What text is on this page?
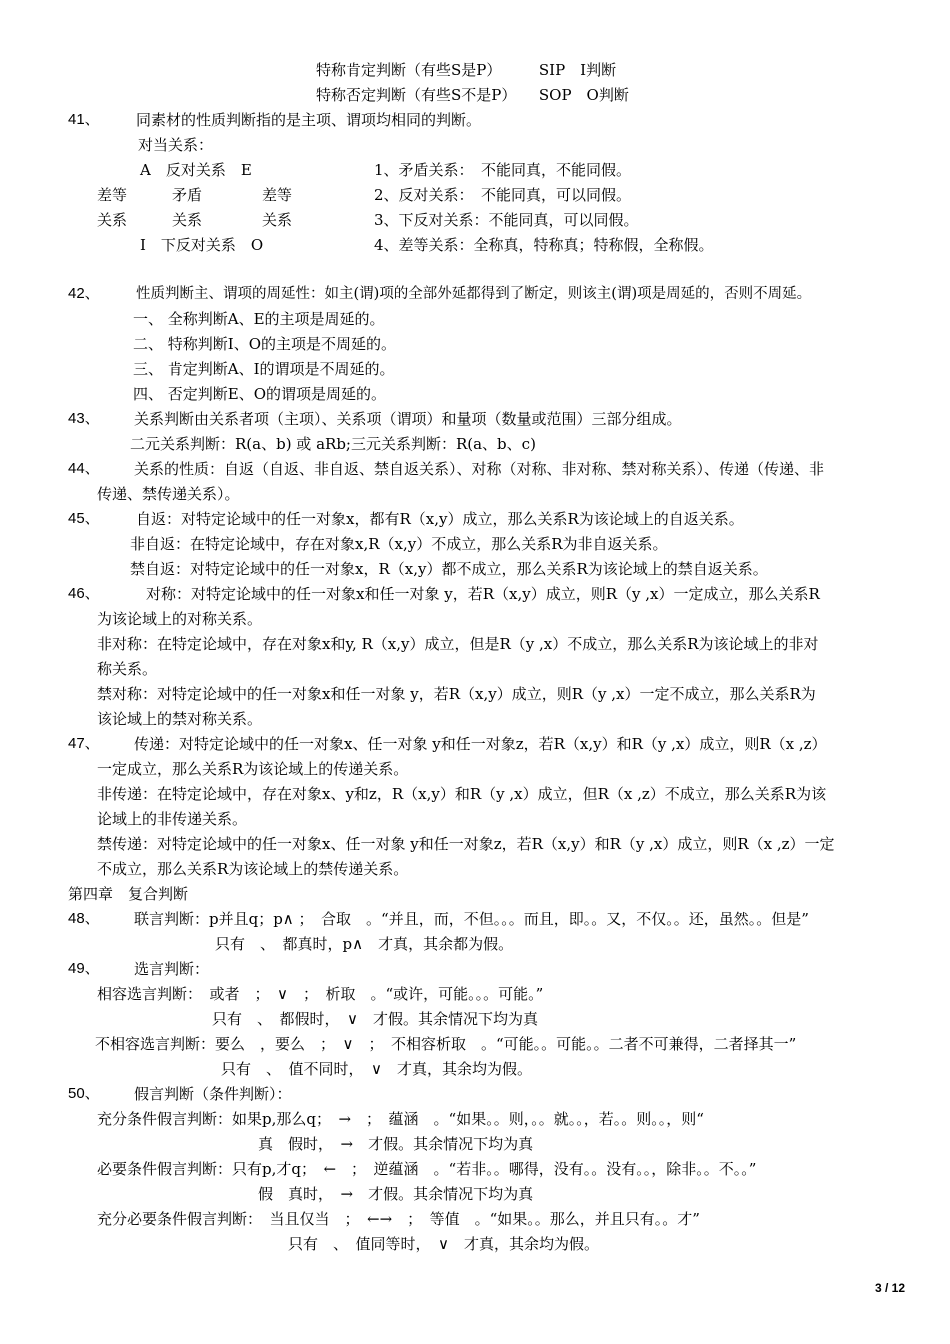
特称肯定判断（有些S是P）　　　SIP　I判断
特称否定判断（有些S不是P）　　SOP　O判断
41、 同素材的性质判断指的是主项、谓项均相同的判断。
对当关系：
A　反对关系　E	1、矛盾关系：　不能同真，不能同假。
差等　　　矛盾　　　　差等	2、反对关系：　不能同真，可以同假。
关系　　　关系　　　　关系	3、下反对关系：不能同真，可以同假。
I　下反对关系　O	4、差等关系：全称真，特称真；特称假，全称假。
42、	性质判断主、谓项的周延性：如主(谓)项的全部外延都得到了断定，则该主(谓)项是周延的，否则不周延。
一、 全称判断A、E的主项是周延的。
二、 特称判断I、O的主项是不周延的。
三、 肯定判断A、I的谓项是不周延的。
四、 否定判断E、O的谓项是周延的。
43、 关系判断由关系者项（主项）、关系项（谓项）和量项（数量或范围）三部分组成。
二元关系判断：R(a、b) 或 aRb;三元关系判断：R(a、b、c)
44、 关系的性质：自返（自返、非自返、禁自返关系）、对称（对称、非对称、禁对称关系）、传递（传递、非
传递、禁传递关系）。
45、 自返：对特定论域中的任一对象x，都有R（x,y）成立，那么关系R为该论域上的自返关系。
非自返：在特定论域中，存在对象x,R（x,y）不成立，那么关系R为非自返关系。
禁自返：对特定论域中的任一对象x，R（x,y）都不成立，那么关系R为该论域上的禁自返关系。
46、	对称：对特定论域中的任一对象x和任一对象 y，若R（x,y）成立，则R（y ,x）一定成立，那么关系R
为该论域上的对称关系。
非对称：在特定论域中，存在对象x和y, R（x,y）成立，但是R（y ,x）不成立，那么关系R为该论域上的非对
称关系。
禁对称：对特定论域中的任一对象x和任一对象 y，若R（x,y）成立，则R（y ,x）一定不成立，那么关系R为
该论域上的禁对称关系。
47、 传递：对特定论域中的任一对象x、任一对象 y和任一对象z，若R（x,y）和R（y ,x）成立，则R（x ,z）
一定成立，那么关系R为该论域上的传递关系。
非传递：在特定论域中，存在对象x、y和z，R（x,y）和R（y ,x）成立，但R（x ,z）不成立，那么关系R为该
论域上的非传递关系。
禁传递：对特定论域中的任一对象x、任一对象 y和任一对象z，若R（x,y）和R（y ,x）成立，则R（x ,z）一定
不成立，那么关系R为该论域上的禁传递关系。
第四章　复合判断
48、 联言判断：p并且q；p∧ ；　合取　。“并且，而，不但。。。而且，即。。又，不仅。。还，虽然。。但是”
只有　、　都真时，p∧　才真，其余都为假。
49、 选言判断：
相容选言判断：　或者　；　∨　；　析取　。“或许，可能。。。可能。”
只有　、　都假时，　∨　才假。其余情况下均为真
不相容选言判断：要么　，要么　；　∨　；　不相容析取　。“可能。。可能。。二者不可兼得，二者择其一”
只有　、　值不同时，　∨　才真，其余均为假。
50、 假言判断（条件判断）：
充分条件假言判断：如果p,那么q；　→　；　蕴涵　。“如果。。则，。。就。。，若。。则。。，则“
真　假时，　→　才假。其余情况下均为真
必要条件假言判断：只有p,才q；　←　；　逆蕴涵　。“若非。。哪得，没有。。没有。。，除非。。不。。”
假　真时，　→　才假。其余情况下均为真
充分必要条件假言判断：　当且仅当　；　←→　；　等值　。“如果。。那么，并且只有。。才”
只有　、　值同等时，　∨　才真，其余均为假。
3 / 12
